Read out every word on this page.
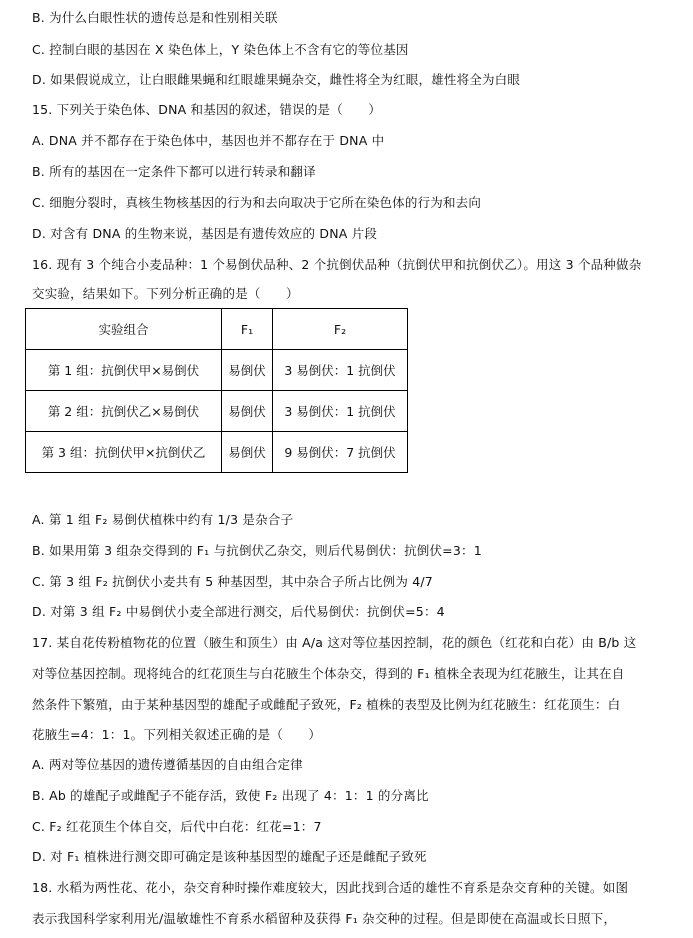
B. 为什么白眼性状的遗传总是和性别相关联
C. 控制白眼的基因在 X 染色体上，Y 染色体上不含有它的等位基因
D. 如果假说成立，让白眼雌果蝇和红眼雄果蝇杂交，雌性将全为红眼，雄性将全为白眼
15. 下列关于染色体、DNA 和基因的叙述，错误的是（　　）
A. DNA 并不都存在于染色体中，基因也并不都存在于 DNA 中
B. 所有的基因在一定条件下都可以进行转录和翻译
C. 细胞分裂时，真核生物核基因的行为和去向取决于它所在染色体的行为和去向
D. 对含有 DNA 的生物来说，基因是有遗传效应的 DNA 片段
16. 现有 3 个纯合小麦品种：1 个易倒伏品种、2 个抗倒伏品种（抗倒伏甲和抗倒伏乙）。用这 3 个品种做杂
交实验，结果如下。下列分析正确的是（　　）
实验组合	F₁	F₂
第 1 组：抗倒伏甲×易倒伏	易倒伏	3 易倒伏：1 抗倒伏
第 2 组：抗倒伏乙×易倒伏	易倒伏	3 易倒伏：1 抗倒伏
第 3 组：抗倒伏甲×抗倒伏乙	易倒伏	9 易倒伏：7 抗倒伏
A. 第 1 组 F₂ 易倒伏植株中约有 1/3 是杂合子
B. 如果用第 3 组杂交得到的 F₁ 与抗倒伏乙杂交，则后代易倒伏：抗倒伏=3：1
C. 第 3 组 F₂ 抗倒伏小麦共有 5 种基因型，其中杂合子所占比例为 4/7
D. 对第 3 组 F₂ 中易倒伏小麦全部进行测交，后代易倒伏：抗倒伏=5：4
17. 某自花传粉植物花的位置（腋生和顶生）由 A/a 这对等位基因控制，花的颜色（红花和白花）由 B/b 这
对等位基因控制。现将纯合的红花顶生与白花腋生个体杂交，得到的 F₁ 植株全表现为红花腋生，让其在自
然条件下繁殖，由于某种基因型的雄配子或雌配子致死，F₂ 植株的表型及比例为红花腋生：红花顶生：白
花腋生=4：1：1。下列相关叙述正确的是（　　）
A. 两对等位基因的遗传遵循基因的自由组合定律
B. Ab 的雄配子或雌配子不能存活，致使 F₂ 出现了 4：1：1 的分离比
C. F₂ 红花顶生个体自交，后代中白花：红花=1：7
D. 对 F₁ 植株进行测交即可确定是该种基因型的雄配子还是雌配子致死
18. 水稻为两性花、花小，杂交育种时操作难度较大，因此找到合适的雄性不育系是杂交育种的关键。如图
表示我国科学家利用光/温敏雄性不育系水稻留种及获得 F₁ 杂交种的过程。但是即使在高温或长日照下，
